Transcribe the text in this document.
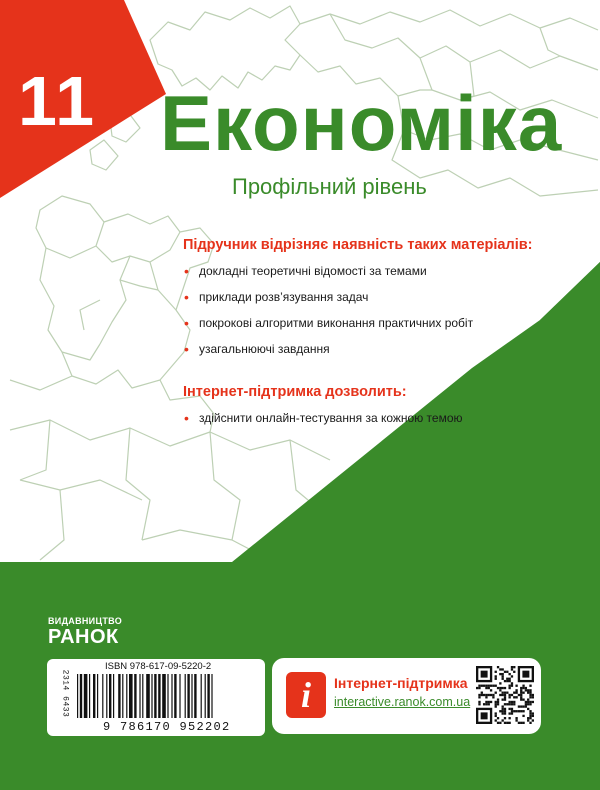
11 Економіка
Профільний рівень
Підручник відрізняє наявність таких матеріалів:
• докладні теоретичні відомості за темами
• приклади розв’язування задач
• покрокові алгоритми виконання практичних робіт
• узагальнюючі завдання
Інтернет-підтримка дозволить:
• здійснити онлайн-тестування за кожною темою
ВИДАВНИЦТВО
РАНОК
ISBN 978-617-09-5220-2
2314 6433
9 786170 952202
i	Інтернет-підтримка
interactive.ranok.com.ua
